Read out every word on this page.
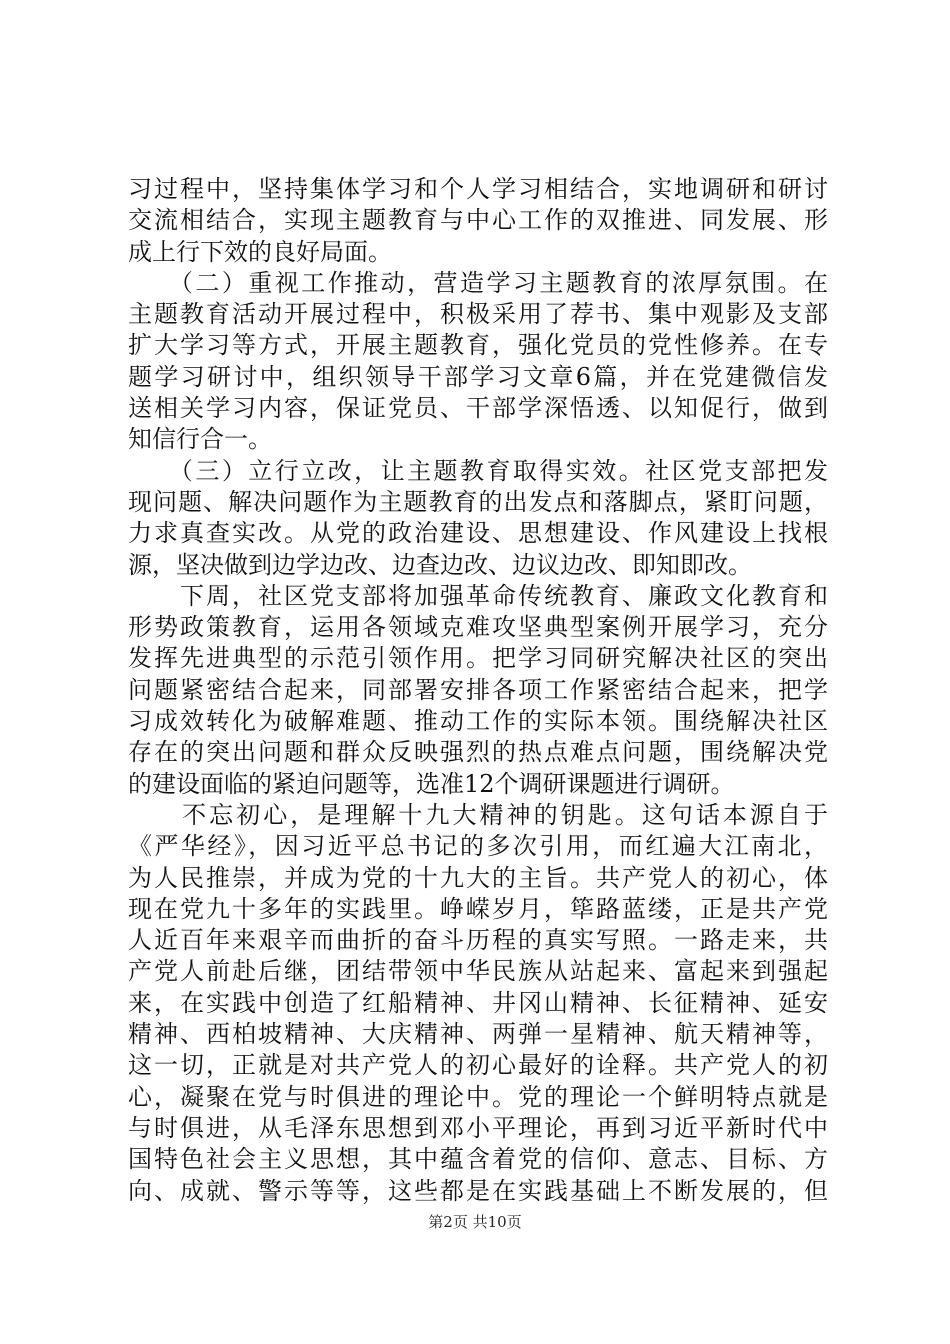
习过程中，坚持集体学习和个人学习相结合，实地调研和研讨
交流相结合，实现主题教育与中心工作的双推进、同发展、形
成上行下效的良好局面。
　　（二）重视工作推动，营造学习主题教育的浓厚氛围。在
主题教育活动开展过程中，积极采用了荐书、集中观影及支部
扩大学习等方式，开展主题教育，强化党员的党性修养。在专
题学习研讨中，组织领导干部学习文章6篇，并在党建微信发
送相关学习内容，保证党员、干部学深悟透、以知促行，做到
知信行合一。
　　（三）立行立改，让主题教育取得实效。社区党支部把发
现问题、解决问题作为主题教育的出发点和落脚点，紧盯问题，
力求真查实改。从党的政治建设、思想建设、作风建设上找根
源，坚决做到边学边改、边查边改、边议边改、即知即改。
　　下周，社区党支部将加强革命传统教育、廉政文化教育和
形势政策教育，运用各领域克难攻坚典型案例开展学习，充分
发挥先进典型的示范引领作用。把学习同研究解决社区的突出
问题紧密结合起来，同部署安排各项工作紧密结合起来，把学
习成效转化为破解难题、推动工作的实际本领。围绕解决社区
存在的突出问题和群众反映强烈的热点难点问题，围绕解决党
的建设面临的紧迫问题等，选准12个调研课题进行调研。
　　不忘初心，是理解十九大精神的钥匙。这句话本源自于
《严华经》，因习近平总书记的多次引用，而红遍大江南北，
为人民推崇，并成为党的十九大的主旨。共产党人的初心，体
现在党九十多年的实践里。峥嵘岁月，筚路蓝缕，正是共产党
人近百年来艰辛而曲折的奋斗历程的真实写照。一路走来，共
产党人前赴后继，团结带领中华民族从站起来、富起来到强起
来，在实践中创造了红船精神、井冈山精神、长征精神、延安
精神、西柏坡精神、大庆精神、两弹一星精神、航天精神等，
这一切，正就是对共产党人的初心最好的诠释。共产党人的初
心，凝聚在党与时俱进的理论中。党的理论一个鲜明特点就是
与时俱进，从毛泽东思想到邓小平理论，再到习近平新时代中
国特色社会主义思想，其中蕴含着党的信仰、意志、目标、方
向、成就、警示等等，这些都是在实践基础上不断发展的，但
第2页 共10页
